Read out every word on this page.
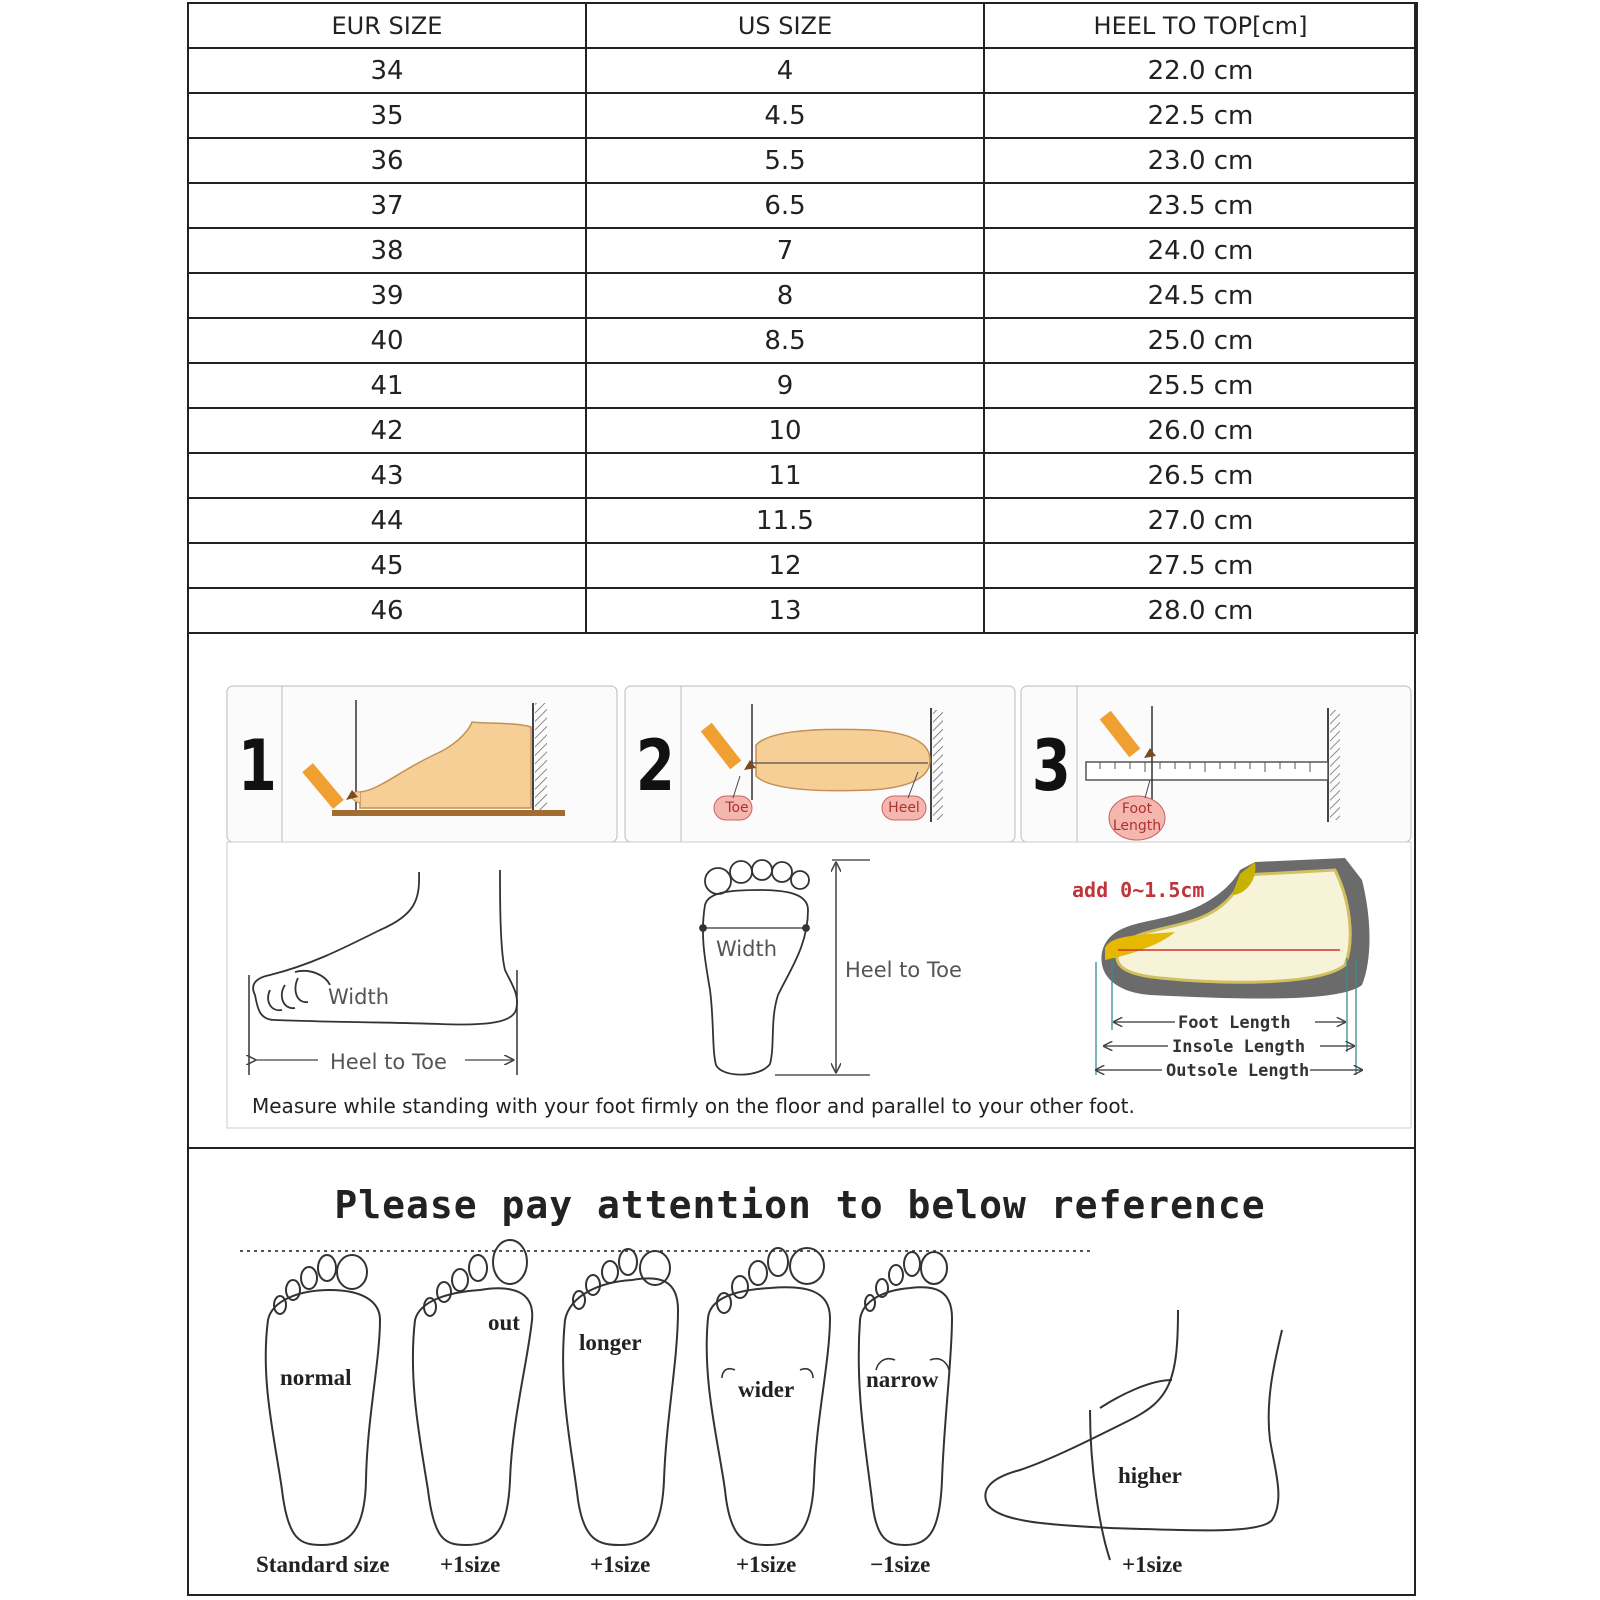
EUR SIZE	US SIZE	HEEL TO TOP[cm]
34	4	22.0 cm
35	4.5	22.5 cm
36	5.5	23.0 cm
37	6.5	23.5 cm
38	7	24.0 cm
39	8	24.5 cm
40	8.5	25.0 cm
41	9	25.5 cm
42	10	26.0 cm
43	11	26.5 cm
44	11.5	27.0 cm
45	12	27.5 cm
46	13	28.0 cm
1	2	3
Toe	Heel	Foot
Length
Width
Heel to Toe
Width
Heel to Toe
add 0~1.5cm
Foot Length
Insole Length
Outsole Length
Measure while standing with your foot firmly on the floor and parallel to your other foot.
Please pay attention to below reference
normal
out
longer
wider	narrow
higher
Standard size +1size	+1size	+1size	−1size	+1size
